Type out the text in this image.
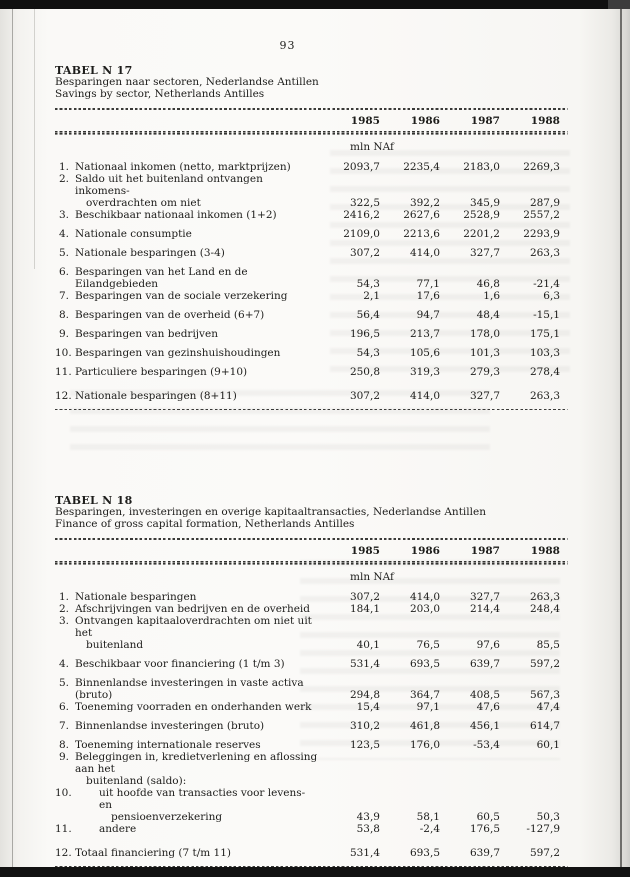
93
TABEL N 17
Besparingen naar sectoren, Nederlandse Antillen
Savings by sector, Netherlands Antilles
1985	1986	1987	1988
mln NAf
1. Nationaal inkomen (netto, marktprijzen)	2093,7	2235,4	2183,0	2269,3
2. Saldo uit het buitenland ontvangen inkomens-
overdrachten om niet	322,5	392,2	345,9	287,9
3. Beschikbaar nationaal inkomen (1+2)	2416,2	2627,6	2528,9	2557,2
4. Nationale consumptie	2109,0	2213,6	2201,2	2293,9
5. Nationale besparingen (3-4)	307,2	414,0	327,7	263,3
6. Besparingen van het Land en de Eilandgebieden	54,3	77,1	46,8	-21,4
7. Besparingen van de sociale verzekering	2,1	17,6	1,6	6,3
8. Besparingen van de overheid (6+7)	56,4	94,7	48,4	-15,1
9. Besparingen van bedrijven	196,5	213,7	178,0	175,1
10. Besparingen van gezinshuishoudingen	54,3	105,6	101,3	103,3
11. Particuliere besparingen (9+10)	250,8	319,3	279,3	278,4
12. Nationale besparingen (8+11)	307,2	414,0	327,7	263,3
TABEL N 18
Besparingen, investeringen en overige kapitaaltransacties, Nederlandse Antillen
Finance of gross capital formation, Netherlands Antilles
1985	1986	1987	1988
mln NAf
1. Nationale besparingen	307,2	414,0	327,7	263,3
2. Afschrijvingen van bedrijven en de overheid	184,1	203,0	214,4	248,4
3. Ontvangen kapitaaloverdrachten om niet uit het
buitenland	40,1	76,5	97,6	85,5
4. Beschikbaar voor financiering (1 t/m 3)	531,4	693,5	639,7	597,2
5. Binnenlandse investeringen in vaste activa (bruto)	294,8	364,7	408,5	567,3
6. Toeneming voorraden en onderhanden werk	15,4	97,1	47,6	47,4
7. Binnenlandse investeringen (bruto)	310,2	461,8	456,1	614,7
8. Toeneming internationale reserves	123,5	176,0	-53,4	60,1
9. Beleggingen in, kredietverlening en aflossing aan het
buitenland (saldo):
10.	uit hoofde van transacties voor levens- en
pensioenverzekering	43,9	58,1	60,5	50,3
11.	andere	53,8	-2,4	176,5	-127,9
12. Totaal financiering (7 t/m 11)	531,4	693,5	639,7	597,2
